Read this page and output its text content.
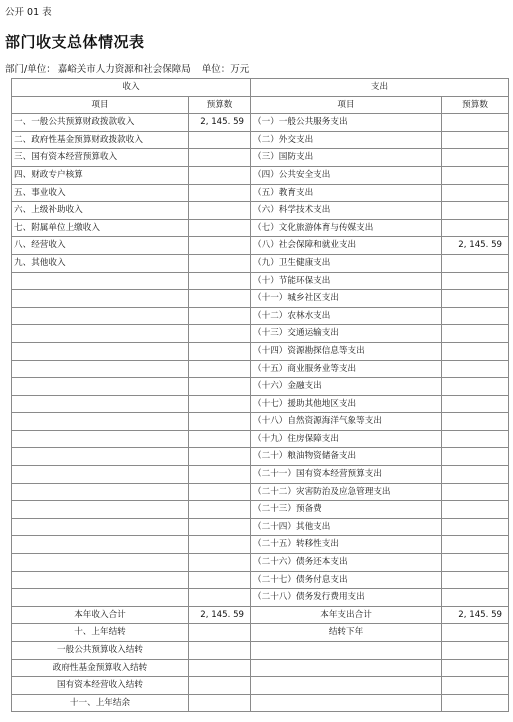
公开 01 表
部门收支总体情况表
部门/单位： 嘉峪关市人力资源和社会保障局 单位：万元
收入		支出	
项目	预算数	项目	预算数
一、一般公共预算财政拨款收入	2, 145. 59	（一）一般公共服务支出	
二、政府性基金预算财政拨款收入		（二）外交支出	
三、国有资本经营预算收入		（三）国防支出	
四、财政专户核算		（四）公共安全支出	
五、事业收入		（五）教育支出	
六、上级补助收入		（六）科学技术支出	
七、附属单位上缴收入		（七）文化旅游体育与传媒支出	
八、经营收入		（八）社会保障和就业支出	2, 145. 59
九、其他收入		（九）卫生健康支出	
		（十）节能环保支出	
		（十一）城乡社区支出	
		（十二）农林水支出	
		（十三）交通运输支出	
		（十四）资源勘探信息等支出	
		（十五）商业服务业等支出	
		（十六）金融支出	
		（十七）援助其他地区支出	
		（十八）自然资源海洋气象等支出	
		（十九）住房保障支出	
		（二十）粮油物资储备支出	
		（二十一）国有资本经营预算支出	
		（二十二）灾害防治及应急管理支出	
		（二十三）预备费	
		（二十四）其他支出	
		（二十五）转移性支出	
		（二十六）债务还本支出	
		（二十七）债务付息支出	
		（二十八）债务发行费用支出	
本年收入合计	2, 145. 59	本年支出合计	2, 145. 59
十、上年结转		结转下年	
一般公共预算收入结转			
政府性基金预算收入结转			
国有资本经营收入结转			
十一、上年结余			
